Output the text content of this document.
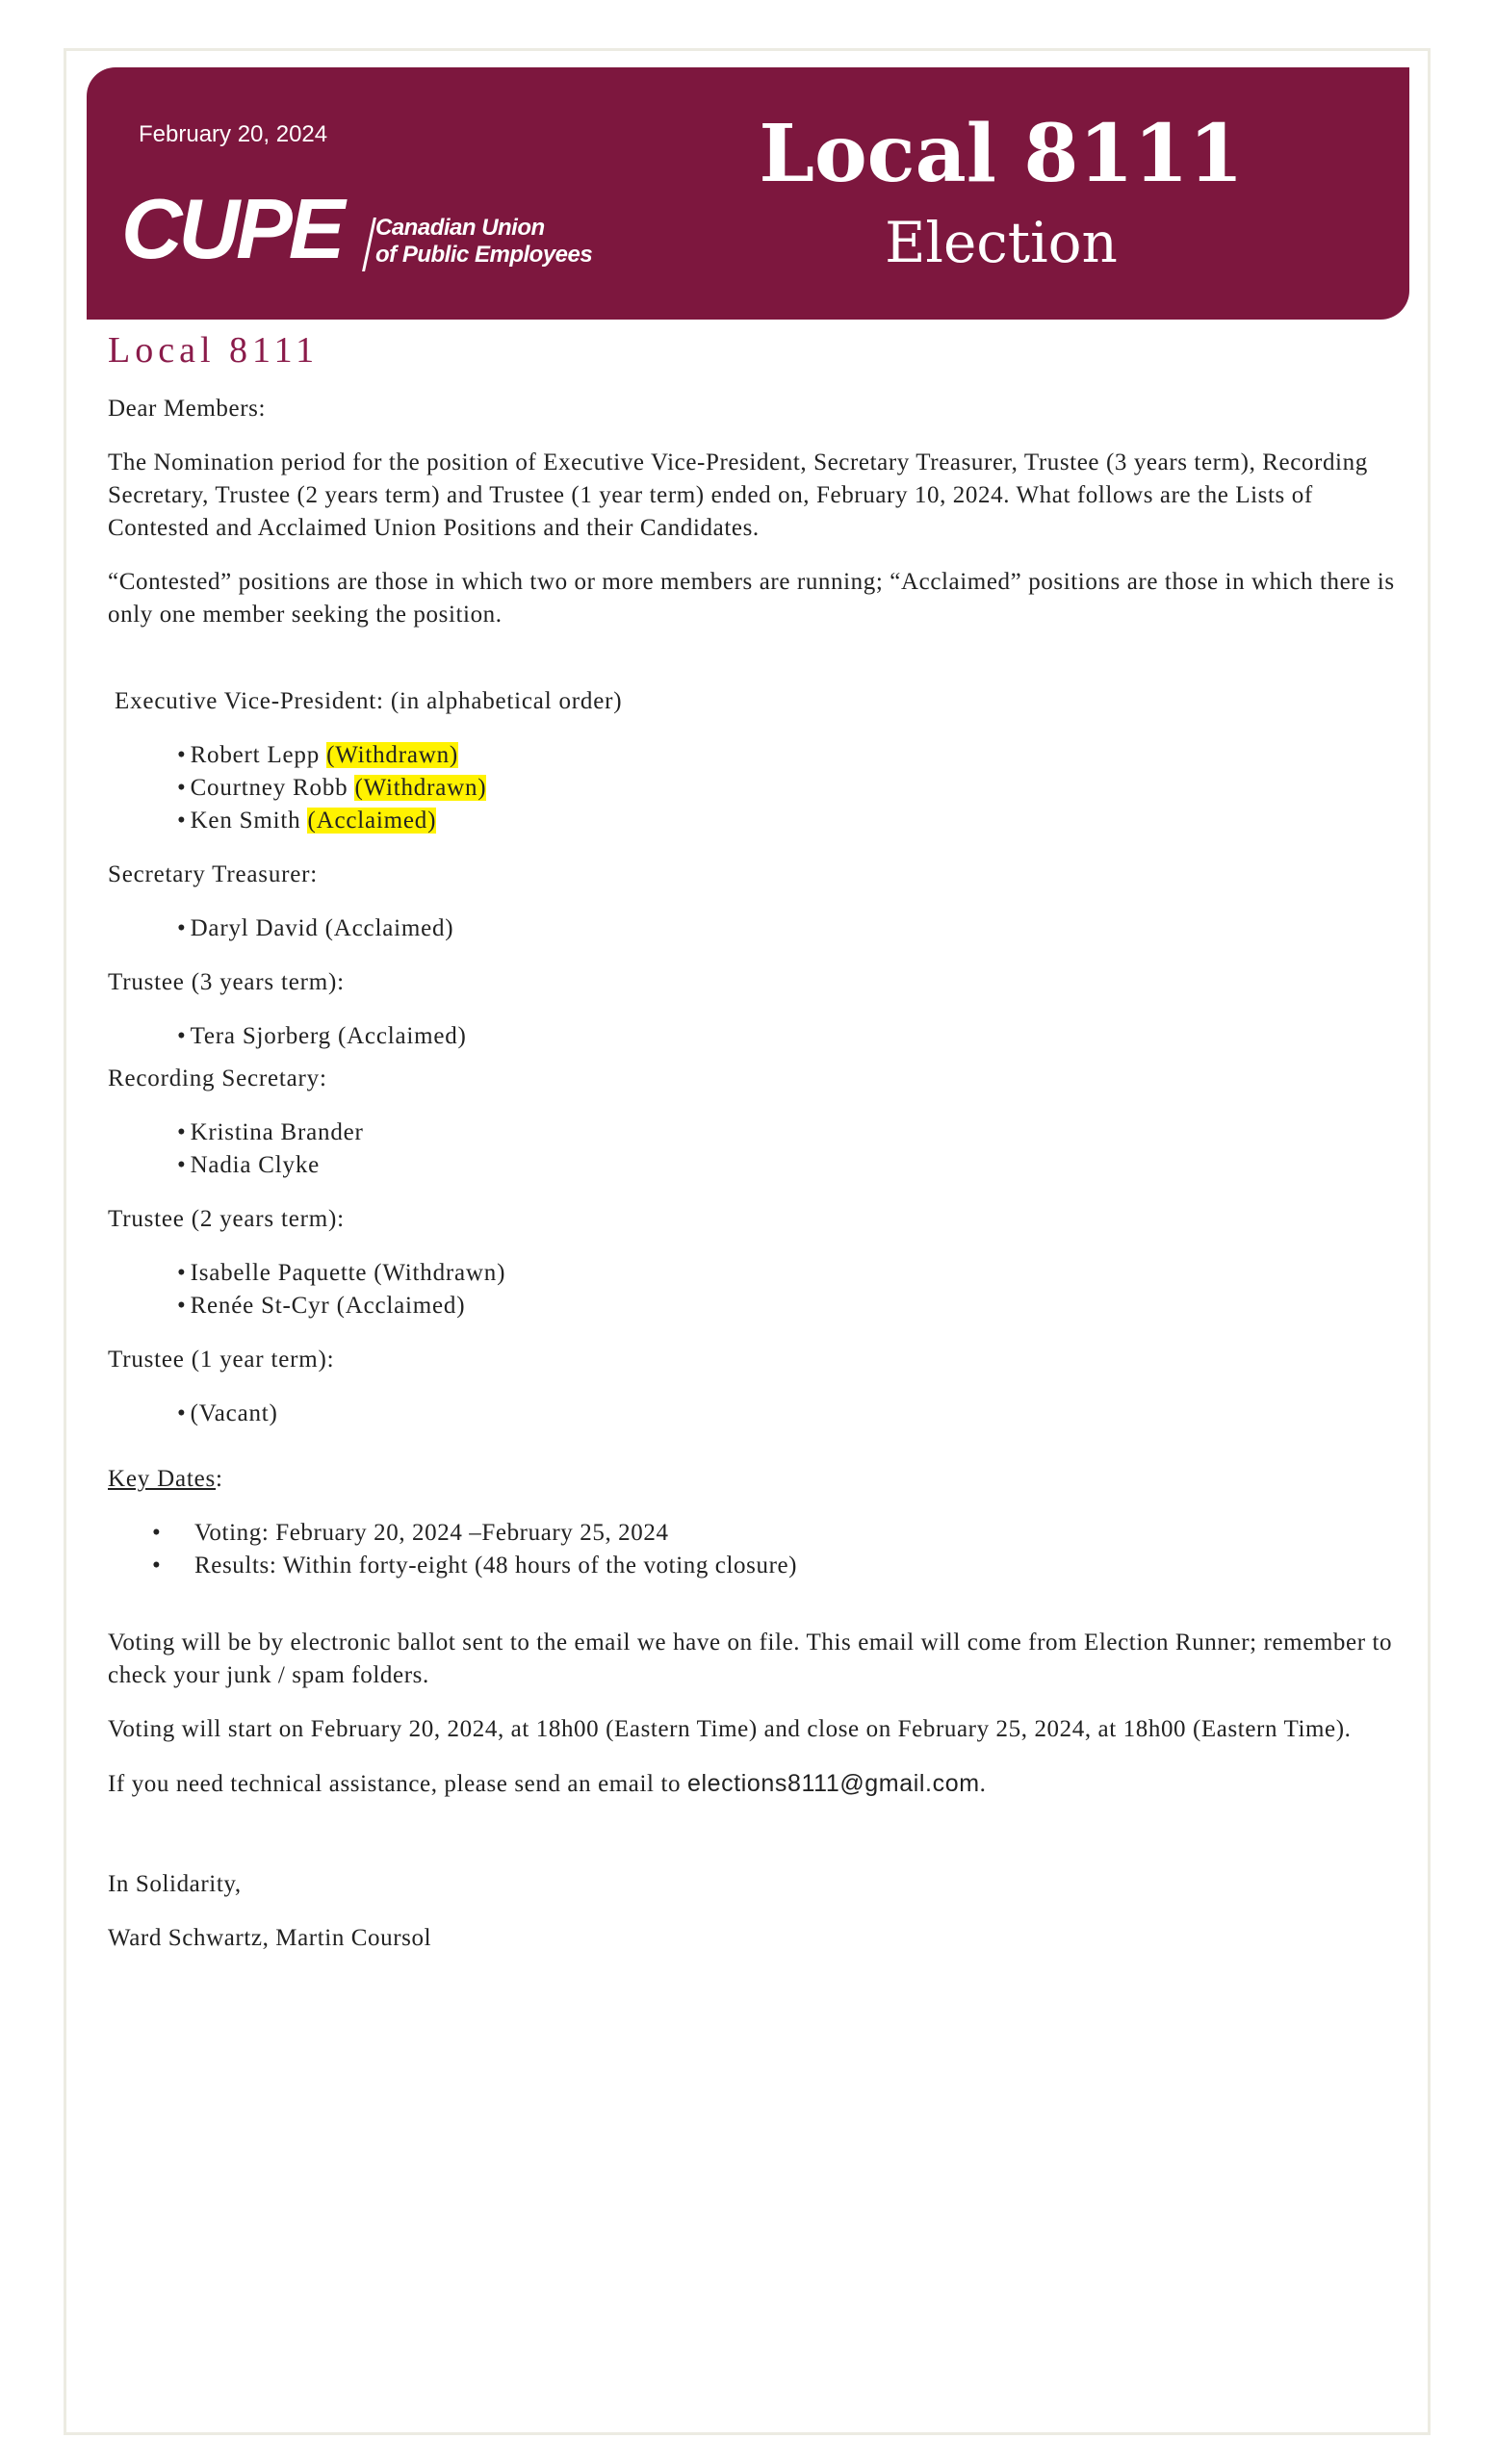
February 20, 2024
CUPE Canadian Union
of Public Employees
Local 8111
Election
Local 8111

Dear Members:

The Nomination period for the position of Executive Vice-President, Secretary Treasurer, Trustee (3 years term), Recording Secretary, Trustee (2 years term) and Trustee (1 year term) ended on, February 10, 2024. What follows are the Lists of Contested and Acclaimed Union Positions and their Candidates.

“Contested” positions are those in which two or more members are running; “Acclaimed” positions are those in which there is only one member seeking the position.

Executive Vice-President: (in alphabetical order)
• Robert Lepp (Withdrawn)
• Courtney Robb (Withdrawn)
• Ken Smith (Acclaimed)
Secretary Treasurer:
• Daryl David (Acclaimed)
Trustee (3 years term):
• Tera Sjorberg (Acclaimed)
Recording Secretary:
• Kristina Brander
• Nadia Clyke
Trustee (2 years term):
• Isabelle Paquette (Withdrawn)
• Renée St-Cyr (Acclaimed)
Trustee (1 year term):
• (Vacant)
Key Dates:
• Voting: February 20, 2024 –February 25, 2024
• Results: Within forty-eight (48 hours of the voting closure)

Voting will be by electronic ballot sent to the email we have on file. This email will come from Election Runner; remember to check your junk / spam folders.

Voting will start on February 20, 2024, at 18h00 (Eastern Time) and close on February 25, 2024, at 18h00 (Eastern Time).

If you need technical assistance, please send an email to elections8111@gmail.com.

In Solidarity,

Ward Schwartz, Martin Coursol
